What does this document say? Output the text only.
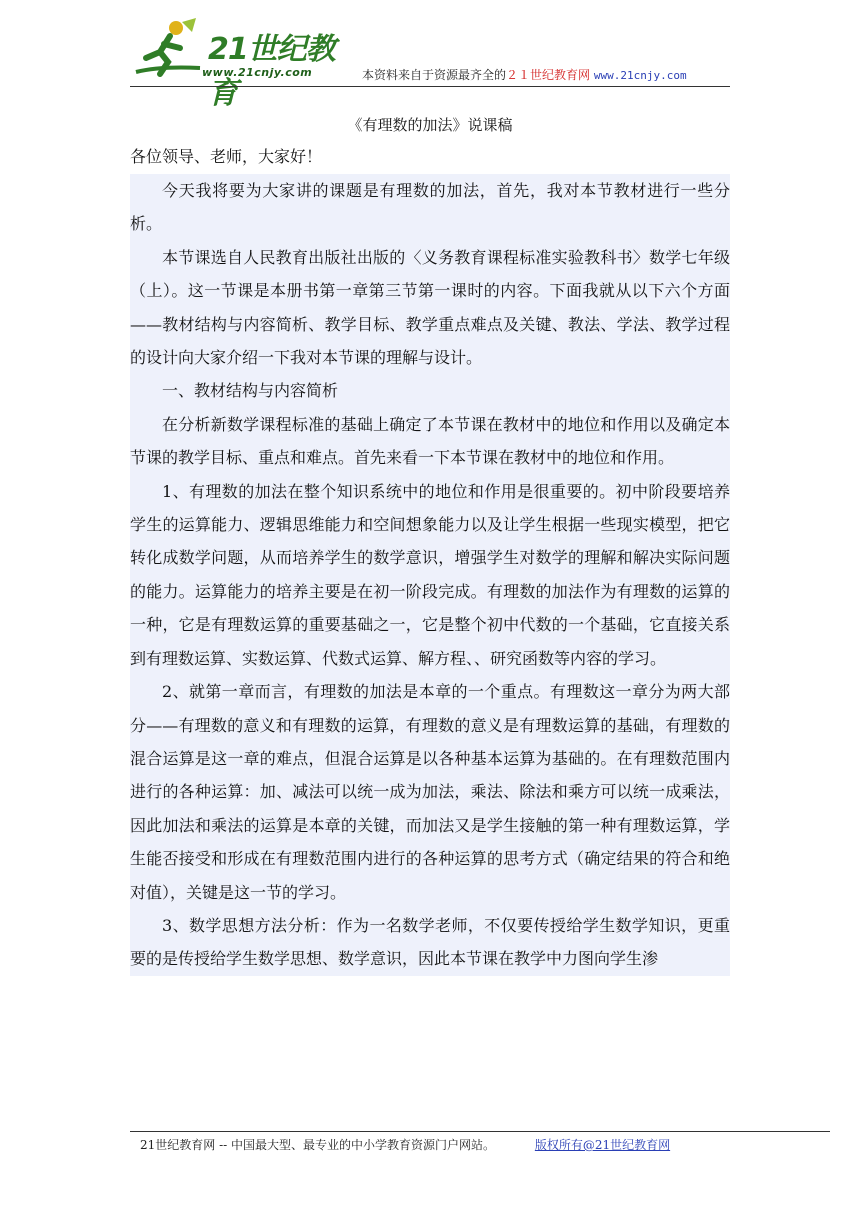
21世纪教育
www.21cnjy.com	本资料来自于资源最齐全的２１世纪教育网 www.21cnjy.com
《有理数的加法》说课稿
各位领导、老师，大家好！

今天我将要为大家讲的课题是有理数的加法，首先，我对本节教材进行一些分析。

本节课选自人民教育出版社出版的〈义务教育课程标准实验教科书〉数学七年级（上）。这一节课是本册书第一章第三节第一课时的内容。下面我就从以下六个方面——教材结构与内容简析、教学目标、教学重点难点及关键、教法、学法、教学过程的设计向大家介绍一下我对本节课的理解与设计。

一、教材结构与内容简析

在分析新数学课程标准的基础上确定了本节课在教材中的地位和作用以及确定本节课的教学目标、重点和难点。首先来看一下本节课在教材中的地位和作用。

1、有理数的加法在整个知识系统中的地位和作用是很重要的。初中阶段要培养学生的运算能力、逻辑思维能力和空间想象能力以及让学生根据一些现实模型，把它转化成数学问题，从而培养学生的数学意识，增强学生对数学的理解和解决实际问题的能力。运算能力的培养主要是在初一阶段完成。有理数的加法作为有理数的运算的一种，它是有理数运算的重要基础之一，它是整个初中代数的一个基础，它直接关系到有理数运算、实数运算、代数式运算、解方程、、研究函数等内容的学习。

2、就第一章而言，有理数的加法是本章的一个重点。有理数这一章分为两大部分——有理数的意义和有理数的运算，有理数的意义是有理数运算的基础，有理数的混合运算是这一章的难点，但混合运算是以各种基本运算为基础的。在有理数范围内进行的各种运算：加、减法可以统一成为加法，乘法、除法和乘方可以统一成乘法，因此加法和乘法的运算是本章的关键，而加法又是学生接触的第一种有理数运算，学生能否接受和形成在有理数范围内进行的各种运算的思考方式（确定结果的符合和绝对值），关键是这一节的学习。

3、数学思想方法分析：作为一名数学老师，不仅要传授给学生数学知识，更重要的是传授给学生数学思想、数学意识，因此本节课在教学中力图向学生渗

21世纪教育网 -- 中国最大型、最专业的中小学教育资源门户网站。	版权所有@21世纪教育网
